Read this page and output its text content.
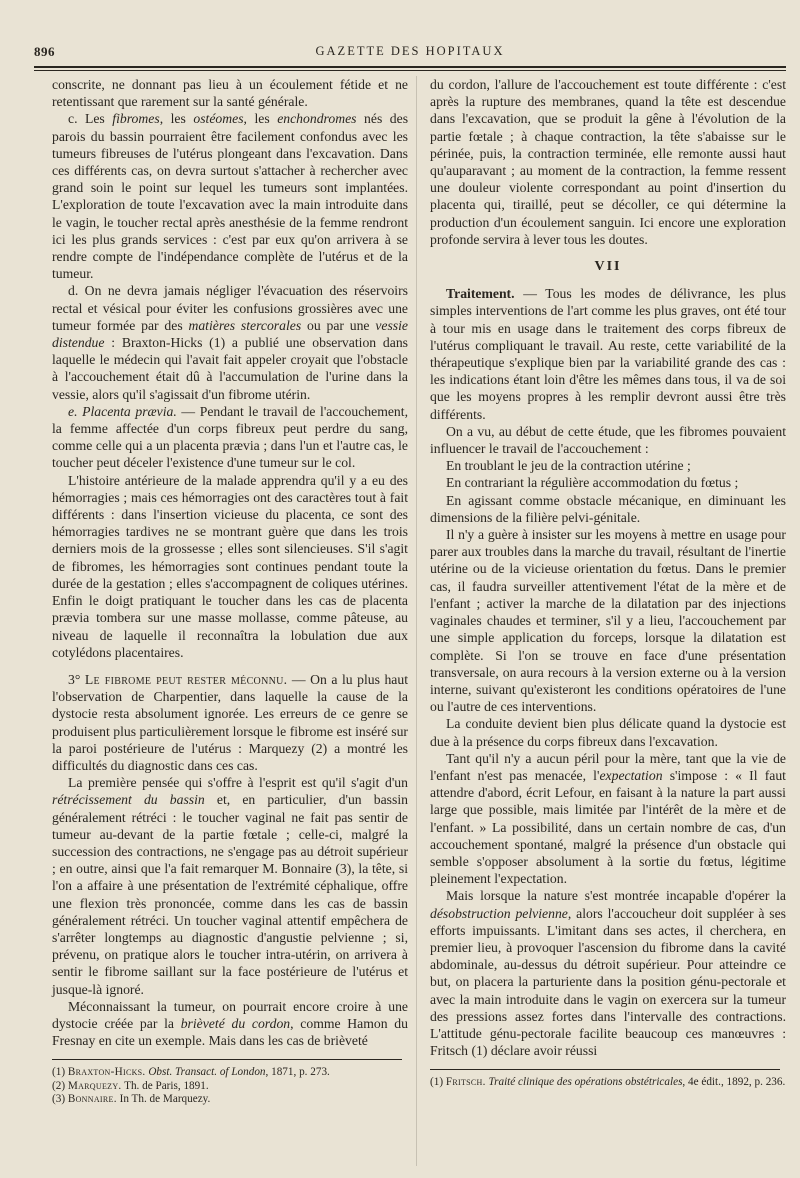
896	GAZETTE DES HOPITAUX

conscrite, ne donnant pas lieu à un écoulement fétide et ne retentissant que rarement sur la santé générale.

c. Les fibromes, les ostéomes, les enchondromes nés des parois du bassin pourraient être facilement confondus avec les tumeurs fibreuses de l'utérus plongeant dans l'excavation. Dans ces différents cas, on devra surtout s'attacher à rechercher avec grand soin le point sur lequel les tumeurs sont implantées. L'exploration de toute l'excavation avec la main introduite dans le vagin, le toucher rectal après anesthésie de la femme rendront ici les plus grands services : c'est par eux qu'on arrivera à se rendre compte de l'indépendance complète de l'utérus et de la tumeur.

d. On ne devra jamais négliger l'évacuation des réservoirs rectal et vésical pour éviter les confusions grossières avec une tumeur formée par des matières stercorales ou par une vessie distendue : Braxton-Hicks (1) a publié une observation dans laquelle le médecin qui l'avait fait appeler croyait que l'obstacle à l'accouchement était dû à l'accumulation de l'urine dans la vessie, alors qu'il s'agissait d'un fibrome utérin.

e. Placenta prævia. — Pendant le travail de l'accouchement, la femme affectée d'un corps fibreux peut perdre du sang, comme celle qui a un placenta prævia ; dans l'un et l'autre cas, le toucher peut déceler l'existence d'une tumeur sur le col.

L'histoire antérieure de la malade apprendra qu'il y a eu des hémorragies ; mais ces hémorragies ont des caractères tout à fait différents : dans l'insertion vicieuse du placenta, ce sont des hémorragies tardives ne se montrant guère que dans les trois derniers mois de la grossesse ; elles sont silencieuses. S'il s'agit de fibromes, les hémorragies sont continues pendant toute la durée de la gestation ; elles s'accompagnent de coliques utérines. Enfin le doigt pratiquant le toucher dans les cas de placenta prævia tombera sur une masse mollasse, comme pâteuse, au niveau de laquelle il reconnaîtra la lobulation due aux cotylédons placentaires.

3° Le fibrome peut rester méconnu. — On a lu plus haut l'observation de Charpentier, dans laquelle la cause de la dystocie resta absolument ignorée. Les erreurs de ce genre se produisent plus particulièrement lorsque le fibrome est inséré sur la paroi postérieure de l'utérus : Marquezy (2) a montré les difficultés du diagnostic dans ces cas.

La première pensée qui s'offre à l'esprit est qu'il s'agit d'un rétrécissement du bassin et, en particulier, d'un bassin généralement rétréci : le toucher vaginal ne fait pas sentir de tumeur au-devant de la partie fœtale ; celle-ci, malgré la succession des contractions, ne s'engage pas au détroit supérieur ; en outre, ainsi que l'a fait remarquer M. Bonnaire (3), la tête, si l'on a affaire à une présentation de l'extrémité céphalique, offre une flexion très prononcée, comme dans les cas de bassin généralement rétréci. Un toucher vaginal attentif empêchera de s'arrêter longtemps au diagnostic d'angustie pelvienne ; si, prévenu, on pratique alors le toucher intra-utérin, on arrivera à sentir le fibrome saillant sur la face postérieure de l'utérus et jusque-là ignoré.

Méconnaissant la tumeur, on pourrait encore croire à une dystocie créée par la brièveté du cordon, comme Hamon du Fresnay en cite un exemple. Mais dans les cas de brièveté

(1) Braxton-Hicks. Obst. Transact. of London, 1871, p. 273.
(2) Marquezy. Th. de Paris, 1891.
(3) Bonnaire. In Th. de Marquezy.

du cordon, l'allure de l'accouchement est toute différente : c'est après la rupture des membranes, quand la tête est descendue dans l'excavation, que se produit la gêne à l'évolution de la partie fœtale ; à chaque contraction, la tête s'abaisse sur le périnée, puis, la contraction terminée, elle remonte aussi haut qu'auparavant ; au moment de la contraction, la femme ressent une douleur violente correspondant au point d'insertion du placenta qui, tiraillé, peut se décoller, ce qui détermine la production d'un écoulement sanguin. Ici encore une exploration profonde servira à lever tous les doutes.

VII

Traitement. — Tous les modes de délivrance, les plus simples interventions de l'art comme les plus graves, ont été tour à tour mis en usage dans le traitement des corps fibreux de l'utérus compliquant le travail. Au reste, cette variabilité de la thérapeutique s'explique bien par la variabilité grande des cas : les indications étant loin d'être les mêmes dans tous, il va de soi que les moyens propres à les remplir devront aussi être très différents.

On a vu, au début de cette étude, que les fibromes pouvaient influencer le travail de l'accouchement :

En troublant le jeu de la contraction utérine ;

En contrariant la régulière accommodation du fœtus ;

En agissant comme obstacle mécanique, en diminuant les dimensions de la filière pelvi-génitale.

Il n'y a guère à insister sur les moyens à mettre en usage pour parer aux troubles dans la marche du travail, résultant de l'inertie utérine ou de la vicieuse orientation du fœtus. Dans le premier cas, il faudra surveiller attentivement l'état de la mère et de l'enfant ; activer la marche de la dilatation par des injections vaginales chaudes et terminer, s'il y a lieu, l'accouchement par une simple application du forceps, lorsque la dilatation est complète. Si l'on se trouve en face d'une présentation transversale, on aura recours à la version externe ou à la version interne, suivant qu'existeront les conditions opératoires de l'une ou l'autre de ces interventions.

La conduite devient bien plus délicate quand la dystocie est due à la présence du corps fibreux dans l'excavation.

Tant qu'il n'y a aucun péril pour la mère, tant que la vie de l'enfant n'est pas menacée, l'expectation s'impose : « Il faut attendre d'abord, écrit Lefour, en faisant à la nature la part aussi large que possible, mais limitée par l'intérêt de la mère et de l'enfant. » La possibilité, dans un certain nombre de cas, d'un accouchement spontané, malgré la présence d'un obstacle qui semble s'opposer absolument à la sortie du fœtus, légitime pleinement l'expectation.

Mais lorsque la nature s'est montrée incapable d'opérer la désobstruction pelvienne, alors l'accoucheur doit suppléer à ses efforts impuissants. L'imitant dans ses actes, il cherchera, en premier lieu, à provoquer l'ascension du fibrome dans la cavité abdominale, au-dessus du détroit supérieur. Pour atteindre ce but, on placera la parturiente dans la position génu-pectorale et avec la main introduite dans le vagin on exercera sur la tumeur des pressions assez fortes dans l'intervalle des contractions. L'attitude génu-pectorale facilite beaucoup ces manœuvres : Fritsch (1) déclare avoir réussi

(1) Fritsch. Traité clinique des opérations obstétricales, 4e édit., 1892, p. 236.
